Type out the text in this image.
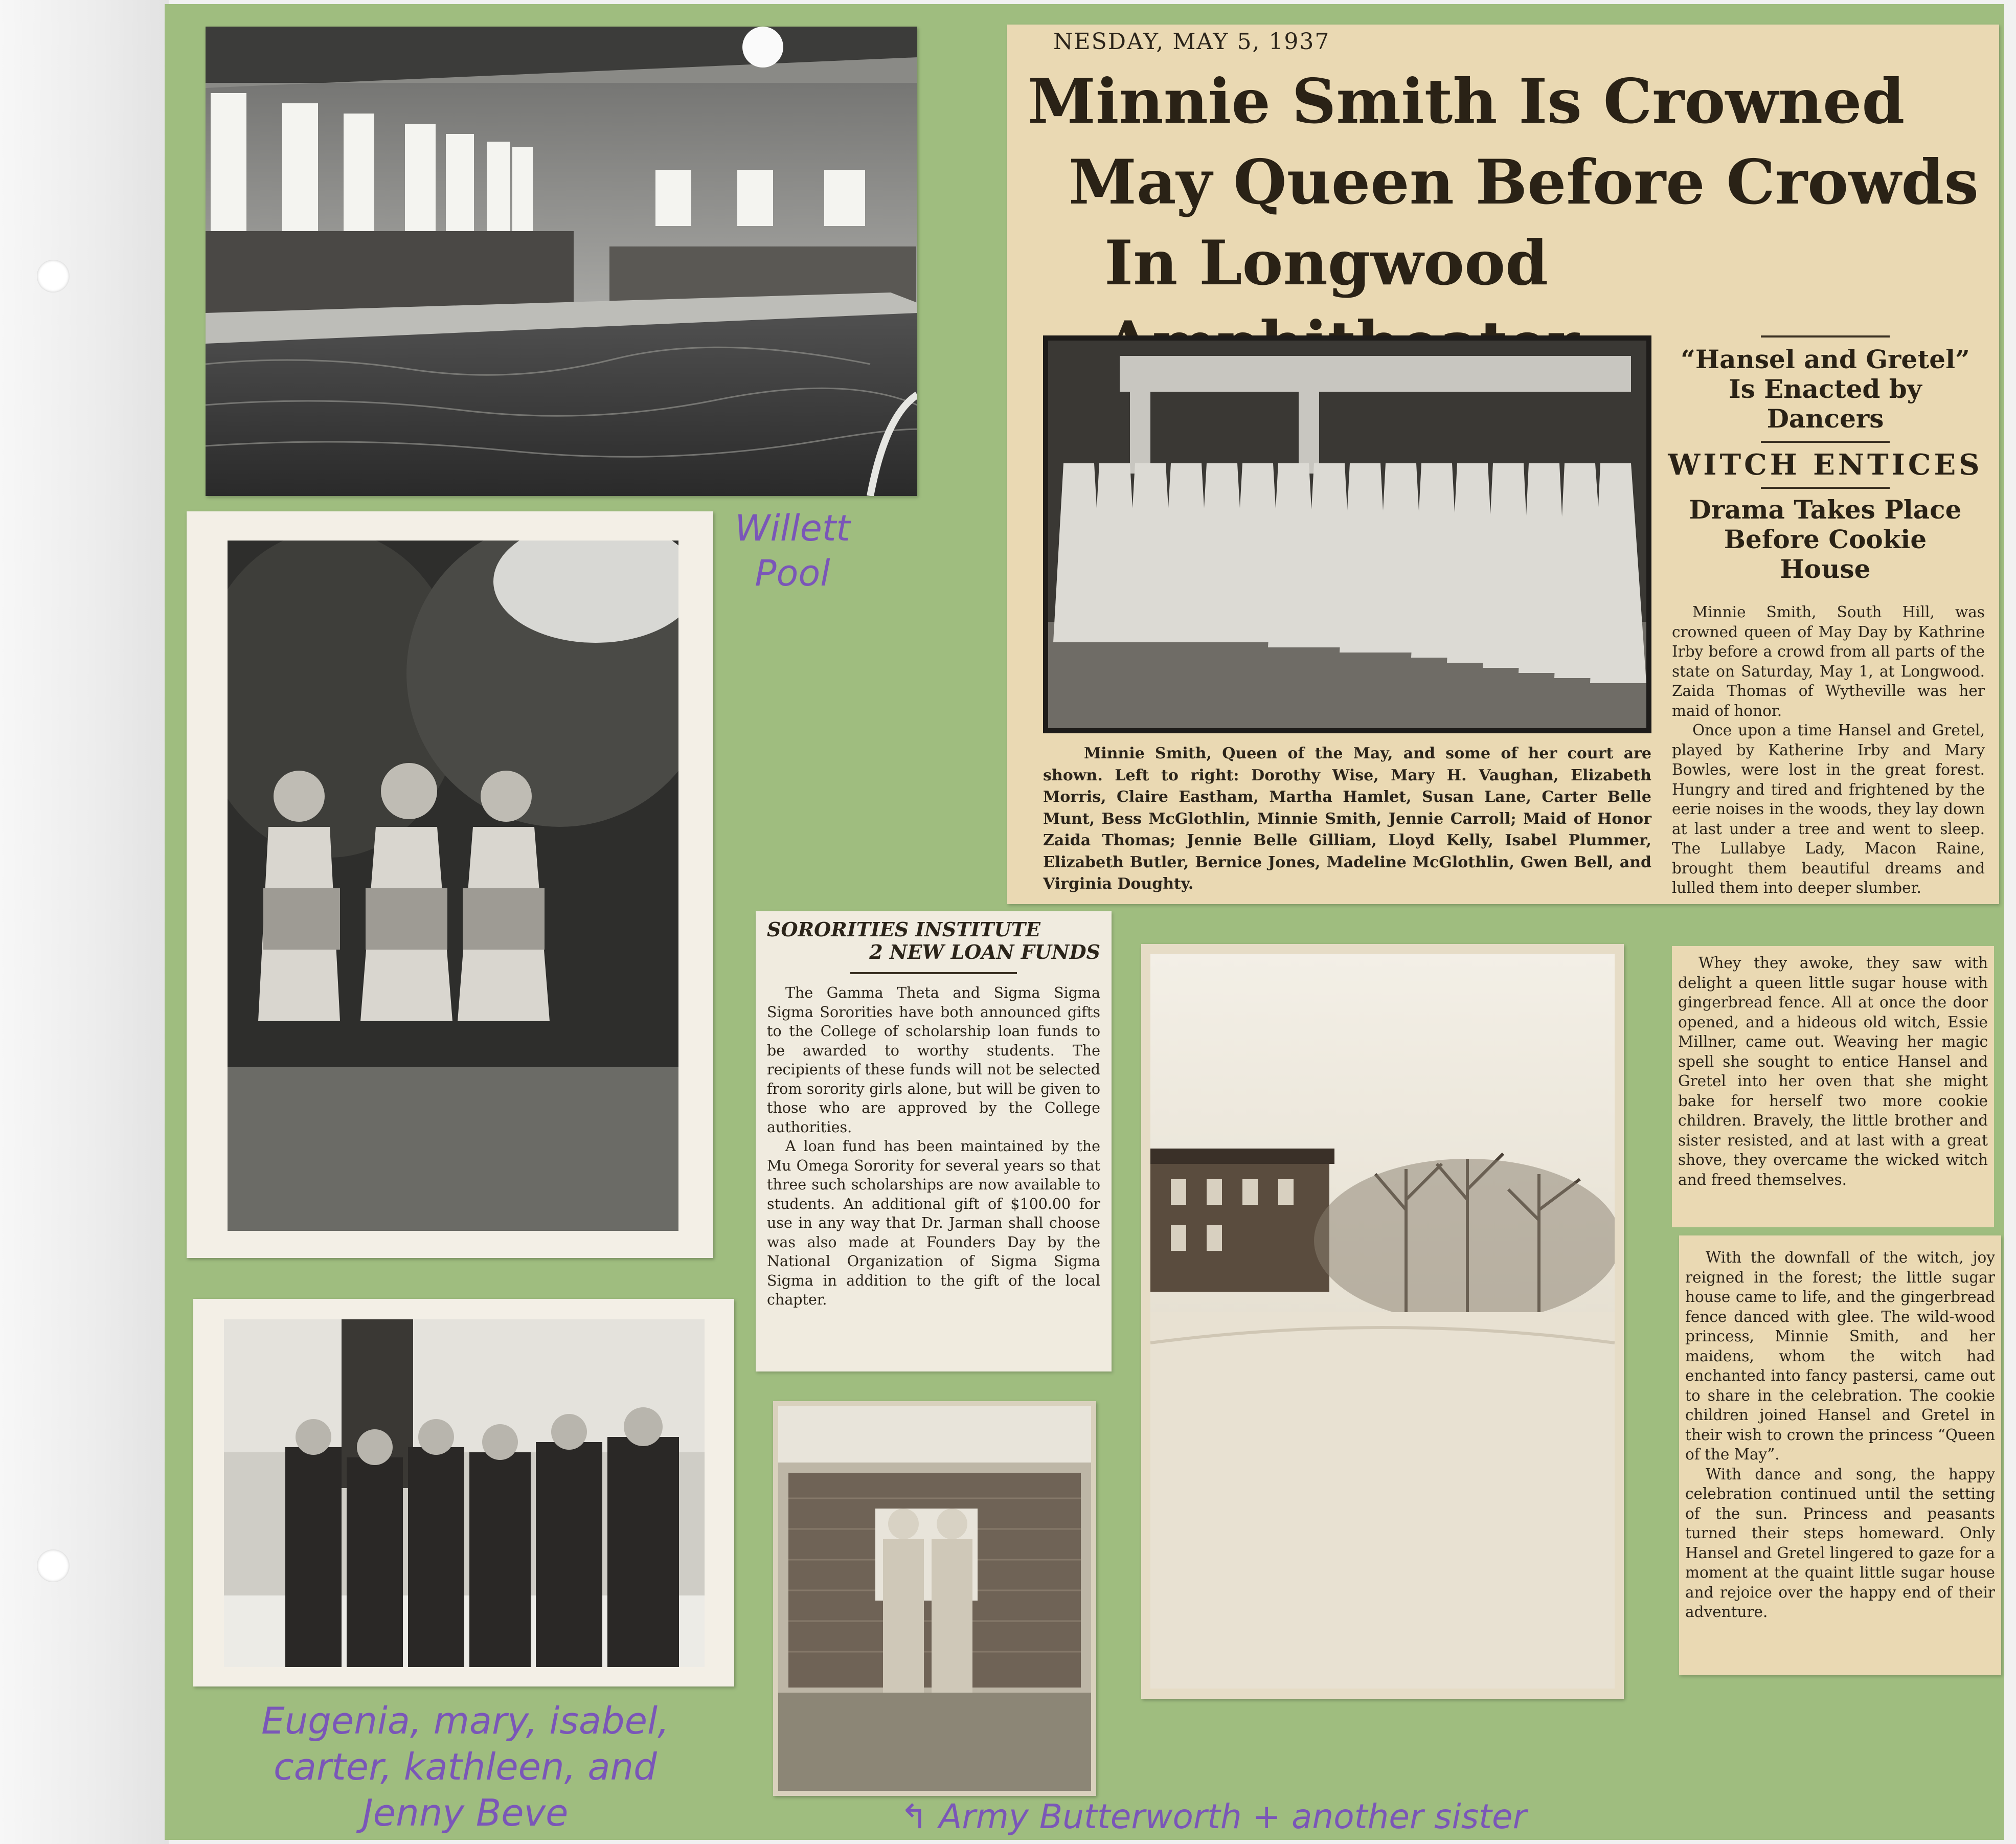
Willett Pool
Eugenia, mary, isabel,
carter, kathleen, and
Jenny Beve
SORORITIES INSTITUTE
2 NEW LOAN FUNDS

The Gamma Theta and Sigma Sigma Sigma Sororities have both announced gifts to the College of scholarship loan funds to be awarded to worthy students. The recipients of these funds will not be selected from sorority girls alone, but will be given to those who are approved by the College authorities.

A loan fund has been maintained by the Mu Omega Sorority for several years so that three such scholarships are now available to students. An additional gift of $100.00 for use in any way that Dr. Jarman shall choose was also made at Founders Day by the National Organization of Sigma Sigma Sigma in addition to the gift of the local chapter.

NESDAY, MAY 5, 1937
Minnie Smith Is Crowned
May Queen Before Crowds
In Longwood

Minnie Smith, Queen of the May, and some of her court are shown. Left to right: Dorothy Wise, Mary H. Vaughan, Elizabeth Morris, Claire Eastham, Martha Hamlet, Susan Lane, Carter Belle Munt, Bess McGlothlin, Minnie Smith, Jennie Carroll; Maid of Honor Zaida Thomas; Jennie Belle Gilliam, Lloyd Kelly, Isabel Plummer, Elizabeth Butler, Bernice Jones, Madeline McGlothlin, Gwen Bell, and Virginia Doughty.

“Hansel and Gretel”
Is Enacted by
Dancers
WITCH ENTICES
Drama Takes Place
Before Cookie
House

Minnie Smith, South Hill, was crowned queen of May Day by Kathrine Irby before a crowd from all parts of the state on Saturday, May 1, at Longwood. Zaida Thomas of Wytheville was her maid of honor.

Once upon a time Hansel and Gretel, played by Katherine Irby and Mary Bowles, were lost in the great forest. Hungry and tired and frightened by the eerie noises in the woods, they lay down at last under a tree and went to sleep. The Lullabye Lady, Macon Raine, brought them beautiful dreams and lulled them into deeper slumber.

Whey they awoke, they saw with delight a queen little sugar house with gingerbread fence. All at once the door opened, and a hideous old witch, Essie Millner, came out. Weaving her magic spell she sought to entice Hansel and Gretel into her oven that she might bake for herself two more cookie children. Bravely, the little brother and sister resisted, and at last with a great shove, they overcame the wicked witch and freed themselves.

With the downfall of the witch, joy reigned in the forest; the little sugar house came to life, and the gingerbread fence danced with glee. The wild-wood princess, Minnie Smith, and her maidens, whom the witch had enchanted into fancy pastersi, came out to share in the celebration. The cookie children joined Hansel and Gretel in their wish to crown the princess “Queen of the May”.

With dance and song, the happy celebration continued until the setting of the sun. Princess and peasants turned their steps homeward. Only Hansel and Gretel lingered to gaze for a moment at the quaint little sugar house and rejoice over the happy end of their adventure.

↰ Army Butterworth + another sister
